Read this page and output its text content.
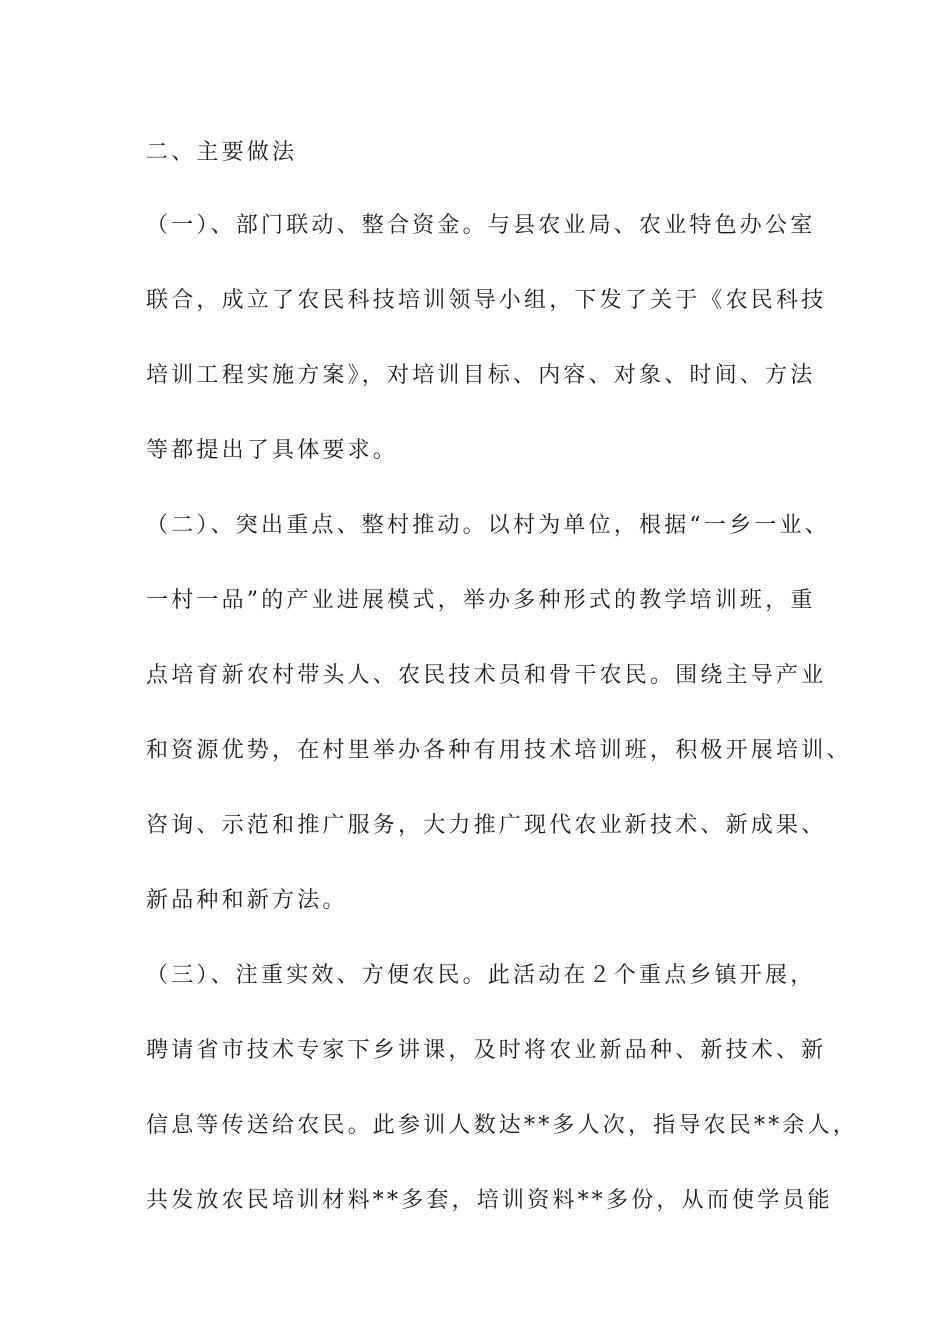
二、主要做法
（一）、部门联动、整合资金。与县农业局、农业特色办公室
联合，成立了农民科技培训领导小组，下发了关于《农民科技
培训工程实施方案》，对培训目标、内容、对象、时间、方法
等都提出了具体要求。
（二）、突出重点、整村推动。以村为单位，根据“一乡一业、
一村一品”的产业进展模式，举办多种形式的教学培训班，重
点培育新农村带头人、农民技术员和骨干农民。围绕主导产业
和资源优势，在村里举办各种有用技术培训班，积极开展培训、
咨询、示范和推广服务，大力推广现代农业新技术、新成果、
新品种和新方法。
（三）、注重实效、方便农民。此活动在２个重点乡镇开展，
聘请省市技术专家下乡讲课，及时将农业新品种、新技术、新
信息等传送给农民。此参训人数达**多人次，指导农民**余人，
共发放农民培训材料**多套，培训资料**多份，从而使学员能
